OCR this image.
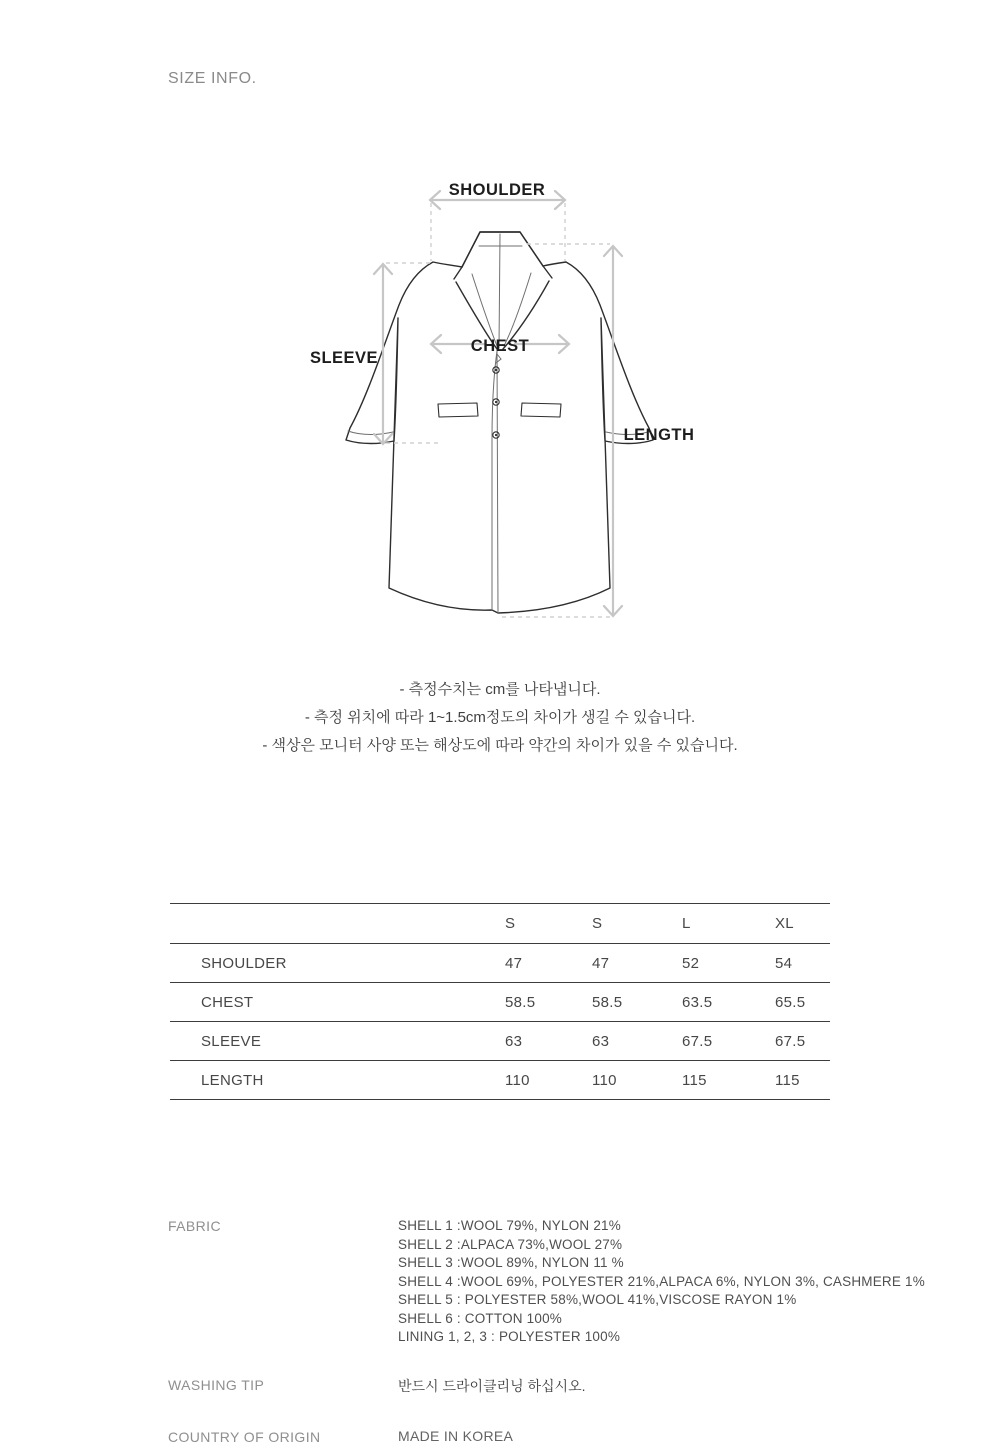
SIZE INFO.
SHOULDER
SLEEVE
CHEST
LENGTH
- 측정수치는 cm를 나타냅니다.
- 측정 위치에 따라 1~1.5cm정도의 차이가 생길 수 있습니다.
- 색상은 모니터 사양 또는 해상도에 따라 약간의 차이가 있을 수 있습니다.
	S	S	L	XL
SHOULDER	47	47	52	54
CHEST	58.5	58.5	63.5	65.5
SLEEVE	63	63	67.5	67.5
LENGTH	110	110	115	115
FABRIC	SHELL 1 :WOOL 79%, NYLON 21%
SHELL 2 :ALPACA 73%,WOOL 27%
SHELL 3 :WOOL 89%, NYLON 11 %
SHELL 4 :WOOL 69%, POLYESTER 21%,ALPACA 6%, NYLON 3%, CASHMERE 1%
SHELL 5 : POLYESTER 58%,WOOL 41%,VISCOSE RAYON 1%
SHELL 6 : COTTON 100%
LINING 1, 2, 3 : POLYESTER 100%
WASHING TIP	반드시 드라이클리닝 하십시오.
COUNTRY OF ORIGIN	MADE IN KOREA
